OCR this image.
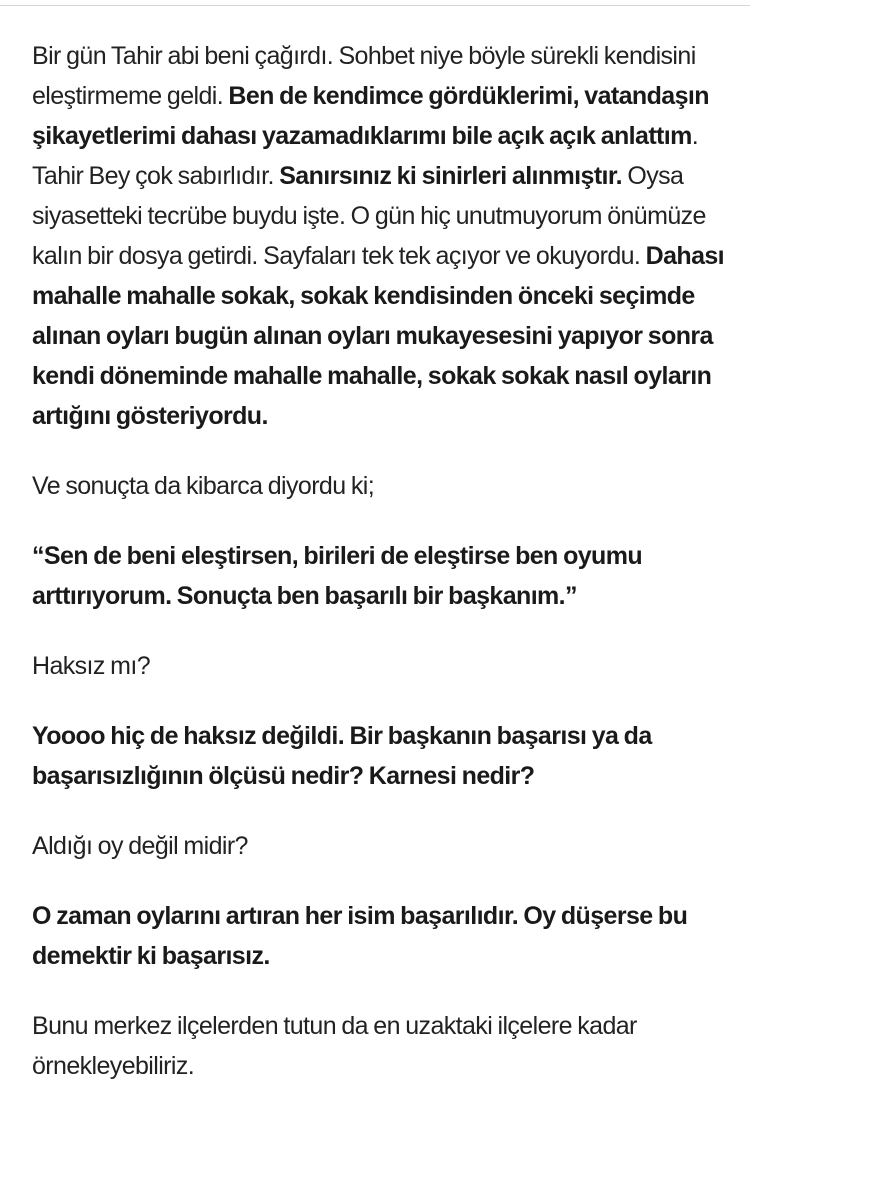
Bir gün Tahir abi beni çağırdı. Sohbet niye böyle sürekli kendisini eleştirmeme geldi. Ben de kendimce gördüklerimi, vatandaşın şikayetlerimi dahası yazamadıklarımı bile açık açık anlattım. Tahir Bey çok sabırlıdır. Sanırsınız ki sinirleri alınmıştır. Oysa siyasetteki tecrübe buydu işte. O gün hiç unutmuyorum önümüze kalın bir dosya getirdi. Sayfaları tek tek açıyor ve okuyordu. Dahası mahalle mahalle sokak, sokak kendisinden önceki seçimde alınan oyları bugün alınan oyları mukayesesini yapıyor sonra kendi döneminde mahalle mahalle, sokak sokak nasıl oyların artığını gösteriyordu.

Ve sonuçta da kibarca diyordu ki;

“Sen de beni eleştirsen, birileri de eleştirse ben oyumu arttırıyorum. Sonuçta ben başarılı bir başkanım.”

Haksız mı?

Yoooo hiç de haksız değildi. Bir başkanın başarısı ya da başarısızlığının ölçüsü nedir? Karnesi nedir?

Aldığı oy değil midir?

O zaman oylarını artıran her isim başarılıdır. Oy düşerse bu demektir ki başarısız.

Bunu merkez ilçelerden tutun da en uzaktaki ilçelere kadar örnekleyebiliriz.
